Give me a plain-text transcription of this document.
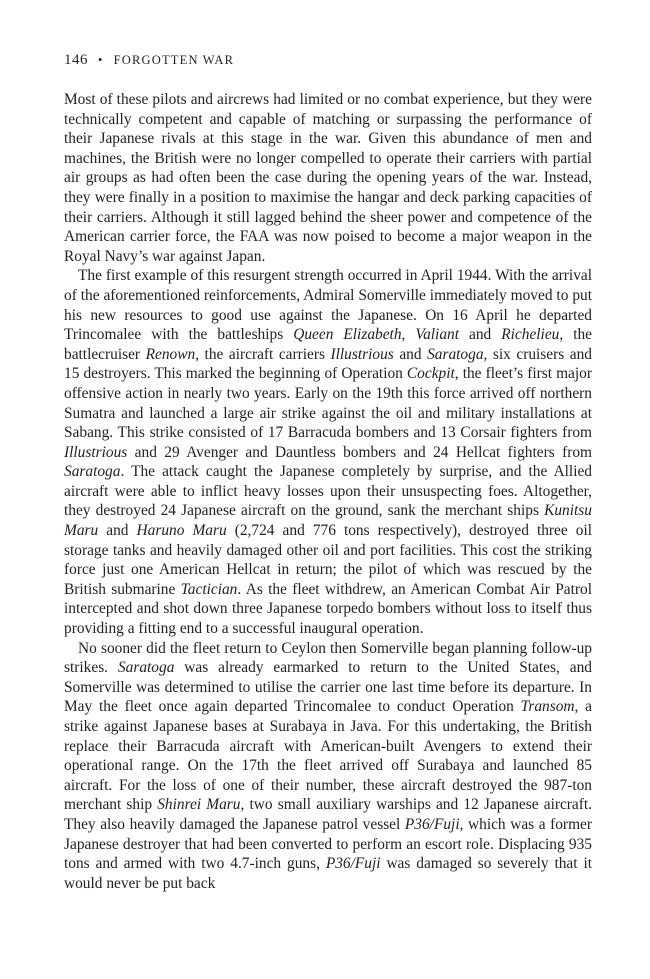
146 • FORGOTTEN WAR

Most of these pilots and aircrews had limited or no combat experience, but they were technically competent and capable of matching or surpassing the performance of their Japanese rivals at this stage in the war. Given this abundance of men and machines, the British were no longer compelled to operate their carriers with partial air groups as had often been the case during the opening years of the war. Instead, they were finally in a position to maximise the hangar and deck parking capacities of their carriers. Although it still lagged behind the sheer power and competence of the American carrier force, the FAA was now poised to become a major weapon in the Royal Navy’s war against Japan.

The first example of this resurgent strength occurred in April 1944. With the arrival of the aforementioned reinforcements, Admiral Somerville immediately moved to put his new resources to good use against the Japanese. On 16 April he departed Trincomalee with the battleships Queen Elizabeth, Valiant and Richelieu, the battlecruiser Renown, the aircraft carriers Illustrious and Saratoga, six cruisers and 15 destroyers. This marked the beginning of Operation Cockpit, the fleet’s first major offensive action in nearly two years. Early on the 19th this force arrived off northern Sumatra and launched a large air strike against the oil and military installations at Sabang. This strike consisted of 17 Barracuda bombers and 13 Corsair fighters from Illustrious and 29 Avenger and Dauntless bombers and 24 Hellcat fighters from Saratoga. The attack caught the Japanese completely by surprise, and the Allied aircraft were able to inflict heavy losses upon their unsuspecting foes. Altogether, they destroyed 24 Japanese aircraft on the ground, sank the merchant ships Kunitsu Maru and Haruno Maru (2,724 and 776 tons respectively), destroyed three oil storage tanks and heavily damaged other oil and port facilities. This cost the striking force just one American Hellcat in return; the pilot of which was rescued by the British submarine Tactician. As the fleet withdrew, an American Combat Air Patrol intercepted and shot down three Japanese torpedo bombers without loss to itself thus providing a fitting end to a successful inaugural operation.

No sooner did the fleet return to Ceylon then Somerville began planning follow-up strikes. Saratoga was already earmarked to return to the United States, and Somerville was determined to utilise the carrier one last time before its departure. In May the fleet once again departed Trincomalee to conduct Operation Transom, a strike against Japanese bases at Surabaya in Java. For this undertaking, the British replace their Barracuda aircraft with American-built Avengers to extend their operational range. On the 17th the fleet arrived off Surabaya and launched 85 aircraft. For the loss of one of their number, these aircraft destroyed the 987-ton merchant ship Shinrei Maru, two small auxiliary warships and 12 Japanese aircraft. They also heavily damaged the Japanese patrol vessel P36/Fuji, which was a former Japanese destroyer that had been converted to perform an escort role. Displacing 935 tons and armed with two 4.7-inch guns, P36/Fuji was damaged so severely that it would never be put back
